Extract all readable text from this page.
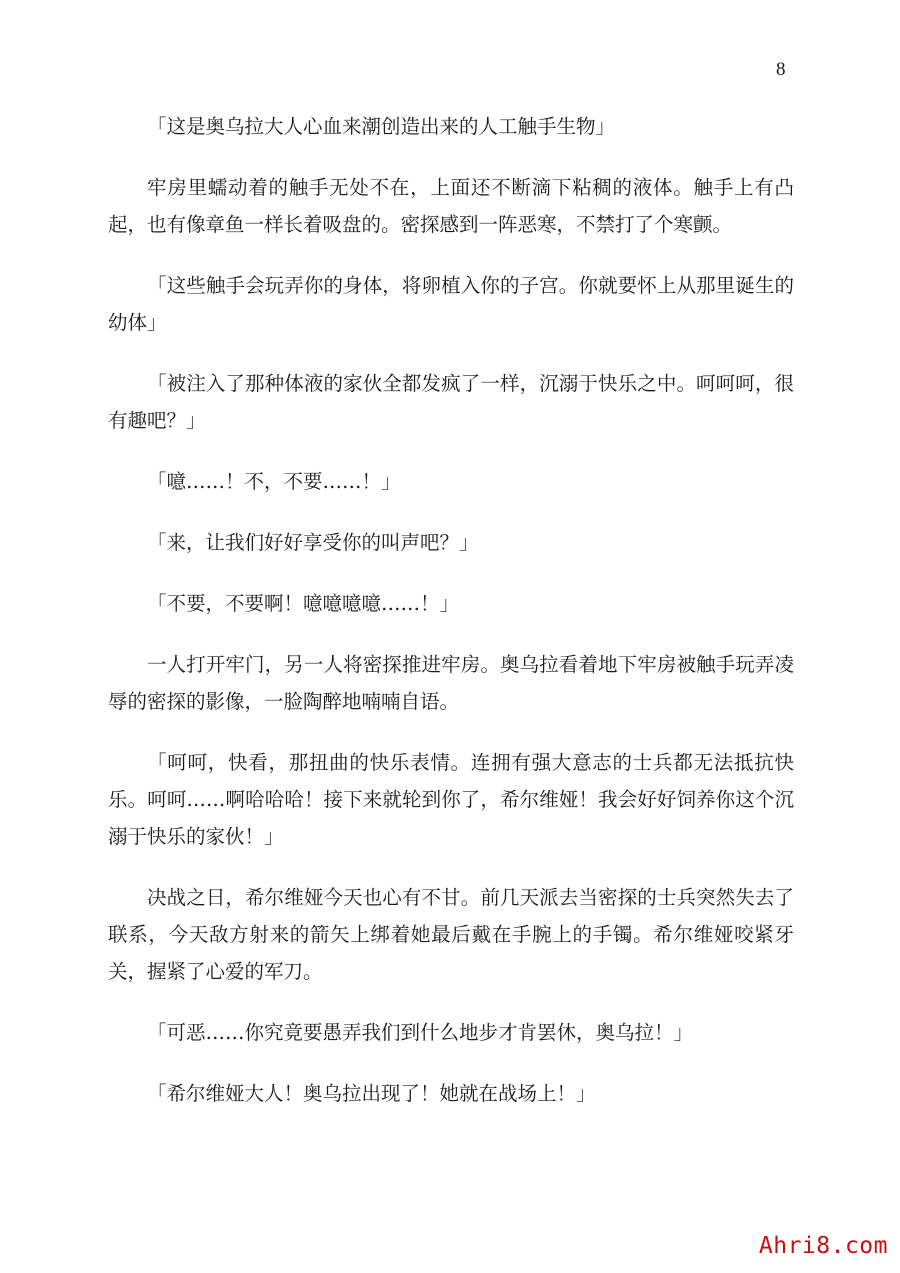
8

「这是奥乌拉大人心血来潮创造出来的人工触手生物」

牢房里蠕动着的触手无处不在，上面还不断滴下粘稠的液体。触手上有凸起，也有像章鱼一样长着吸盘的。密探感到一阵恶寒，不禁打了个寒颤。

「这些触手会玩弄你的身体，将卵植入你的子宫。你就要怀上从那里诞生的幼体」

「被注入了那种体液的家伙全都发疯了一样，沉溺于快乐之中。呵呵呵，很有趣吧？」

「噫……！不，不要……！」

「来，让我们好好享受你的叫声吧？」

「不要，不要啊！噫噫噫噫……！」

一人打开牢门，另一人将密探推进牢房。奥乌拉看着地下牢房被触手玩弄凌辱的密探的影像，一脸陶醉地喃喃自语。

「呵呵，快看，那扭曲的快乐表情。连拥有强大意志的士兵都无法抵抗快乐。呵呵……啊哈哈哈！接下来就轮到你了，希尔维娅！我会好好饲养你这个沉溺于快乐的家伙！」

决战之日，希尔维娅今天也心有不甘。前几天派去当密探的士兵突然失去了联系，今天敌方射来的箭矢上绑着她最后戴在手腕上的手镯。希尔维娅咬紧牙关，握紧了心爱的军刀。

「可恶……你究竟要愚弄我们到什么地步才肯罢休，奥乌拉！」

「希尔维娅大人！奥乌拉出现了！她就在战场上！」

Ahri8.com
